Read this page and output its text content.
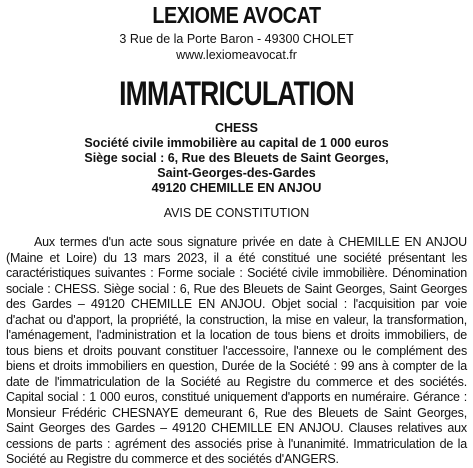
LEXIOME AVOCAT
3 Rue de la Porte Baron - 49300 CHOLET
www.lexiomeavocat.fr
IMMATRICULATION
CHESS
Société civile immobilière au capital de 1 000 euros
Siège social : 6, Rue des Bleuets de Saint Georges,
Saint-Georges-des-Gardes
49120 CHEMILLE EN ANJOU
AVIS DE CONSTITUTION
Aux termes d'un acte sous signature privée en date à CHEMILLE EN ANJOU (Maine et Loire) du 13 mars 2023, il a été constitué une société présentant les caractéristiques suivantes : Forme sociale : Société civile immobilière. Dénomination sociale : CHESS. Siège social : 6, Rue des Bleuets de Saint Georges, Saint Georges des Gardes – 49120 CHEMILLE EN ANJOU. Objet social : l'acquisition par voie d'achat ou d'apport, la propriété, la construction, la mise en valeur, la transformation, l'aménagement, l'administration et la location de tous biens et droits immobiliers, de tous biens et droits pouvant constituer l'accessoire, l'annexe ou le complément des biens et droits immobiliers en question, Durée de la Société : 99 ans à compter de la date de l'immatriculation de la Société au Registre du commerce et des sociétés. Capital social : 1 000 euros, constitué uniquement d'apports en numéraire. Gérance : Monsieur Frédéric CHESNAYE demeurant 6, Rue des Bleuets de Saint Georges, Saint Georges des Gardes – 49120 CHEMILLE EN ANJOU. Clauses relatives aux cessions de parts : agrément des associés prise à l'unanimité. Immatriculation de la Société au Registre du commerce et des sociétés d'ANGERS.
